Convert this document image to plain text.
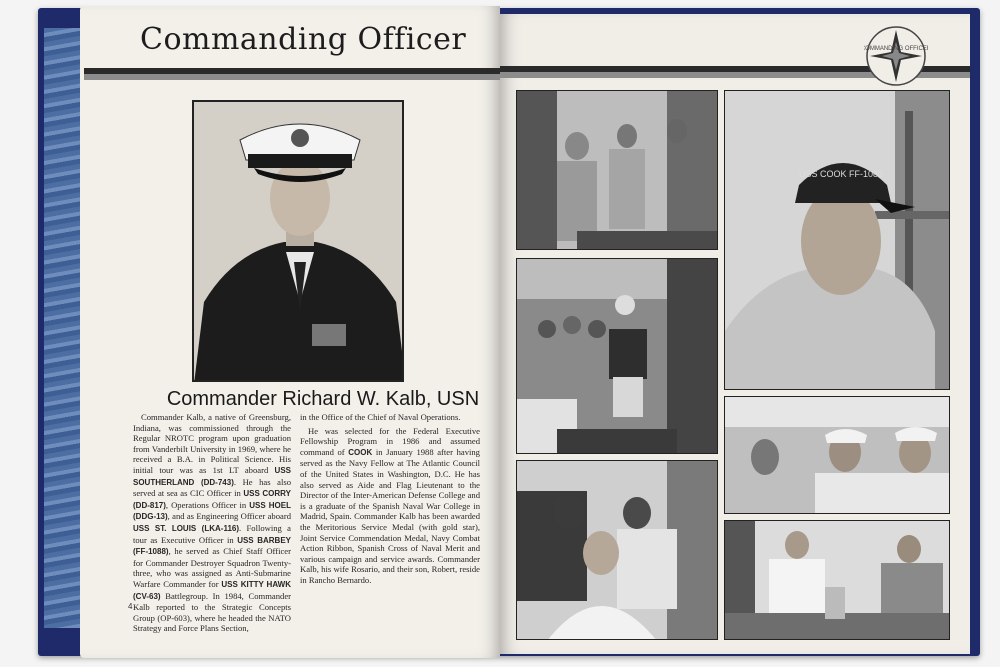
Commanding Officer
Commander Richard W. Kalb, USN

Commander Kalb, a native of Greensburg, Indiana, was commissioned through the Regular NROTC program upon graduation from Vanderbilt University in 1969, where he received a B.A. in Political Science. His initial tour was as 1st LT aboard USS SOUTHERLAND (DD-743). He has also served at sea as CIC Officer in USS CORRY (DD-817), Operations Officer in USS HOEL (DDG-13), and as Engineering Officer aboard USS ST. LOUIS (LKA-116). Following a tour as Executive Officer in USS BARBEY (FF-1088), he served as Chief Staff Officer for Commander Destroyer Squadron Twenty-three, who was assigned as Anti-Submarine Warfare Commander for USS KITTY HAWK (CV-63) Battlegroup. In 1984, Commander Kalb reported to the Strategic Concepts Group (OP-603), where he headed the NATO Strategy and Force Plans Section,

in the Office of the Chief of Naval Operations.

He was selected for the Federal Executive Fellowship Program in 1986 and assumed command of COOK in January 1988 after having served as the Navy Fellow at The Atlantic Council of the United States in Washington, D.C. He has also served as Aide and Flag Lieutenant to the Director of the Inter-American Defense College and is a graduate of the Spanish Naval War College in Madrid, Spain. Commander Kalb has been awarded the Meritorious Service Medal (with gold star), Joint Service Commendation Medal, Navy Combat Action Ribbon, Spanish Cross of Naval Merit and various campaign and service awards. Commander Kalb, his wife Rosario, and their son, Robert, reside in Rancho Bernardo.

4
COMMANDING OFFICER
USS COOK FF-1083
